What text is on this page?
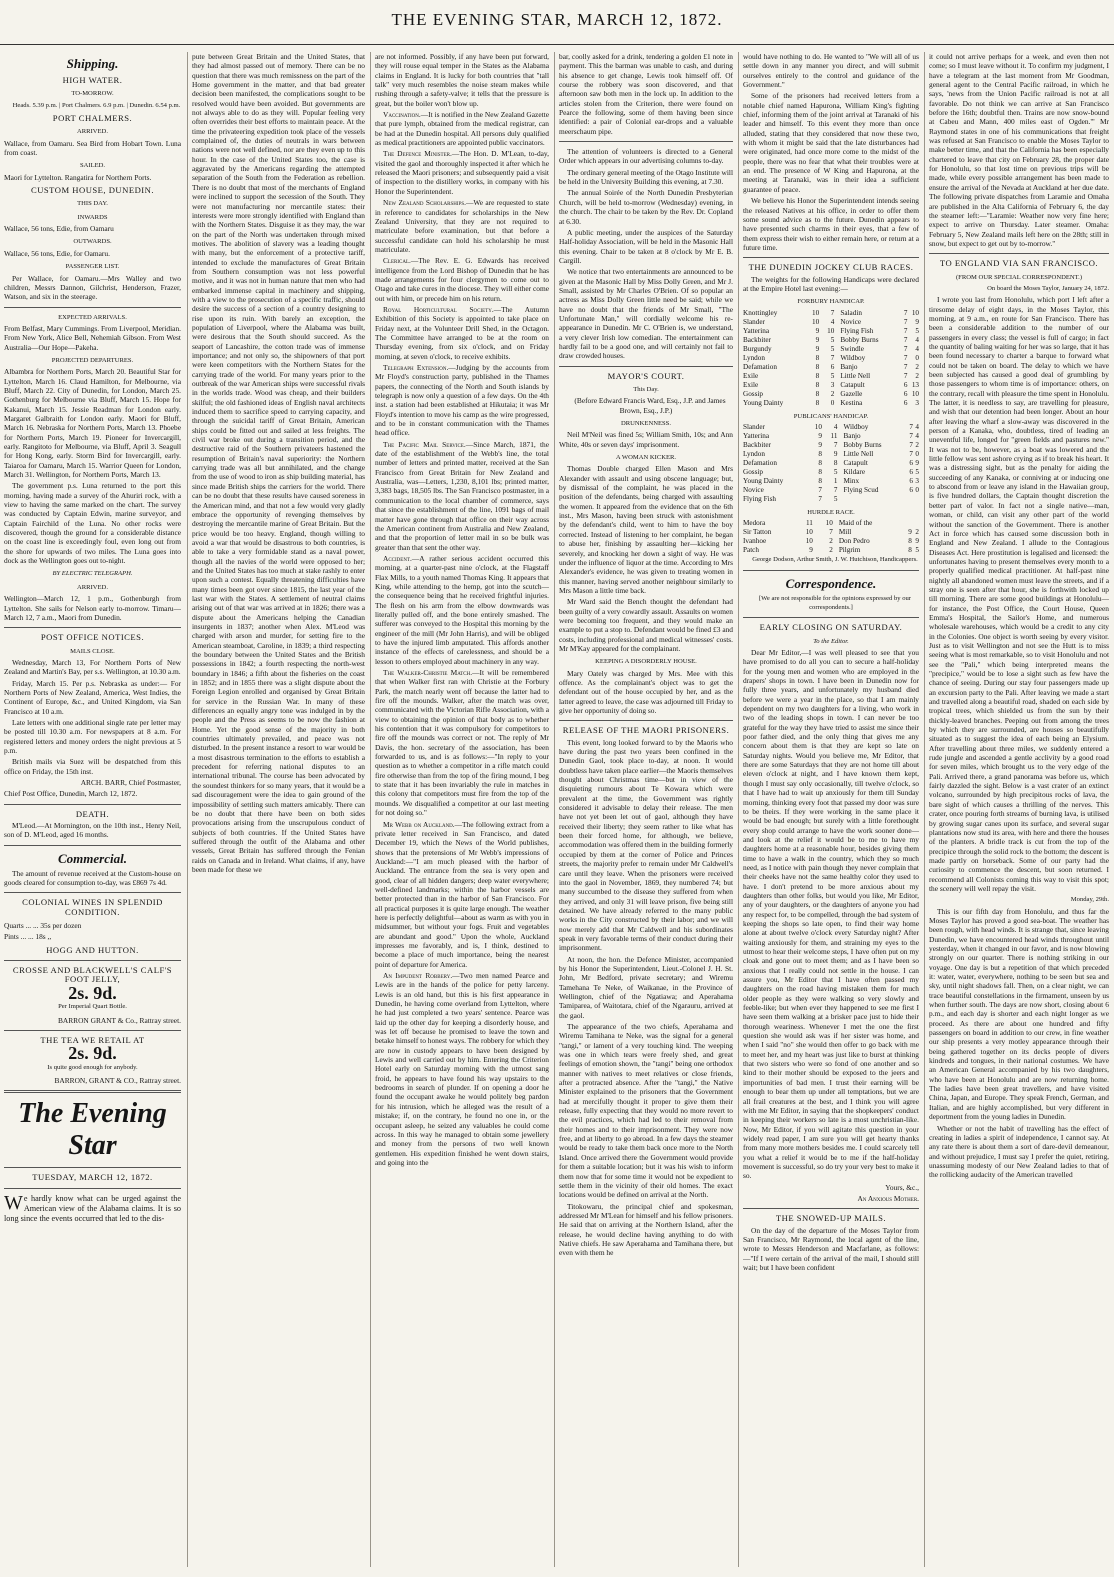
THE EVENING STAR, MARCH 12, 1872.
Shipping.
HIGH WATER.
TO-MORROW.

Heads. 5.39 p.m. | Port Chalmers. 6.9 p.m. | Dunedin. 6.54 p.m.

PORT CHALMERS.
ARRIVED.

Wallace, from Oamaru. Sea Bird from Hobart Town. Luna from coast.

SAILED.

Maori for Lyttelton. Rangatira for Northern Ports.

CUSTOM HOUSE, DUNEDIN.
THIS DAY.
INWARDS

Wallace, 56 tons, Edie, from Oamaru

OUTWARDS.

Wallace, 56 tons, Edie, for Oamaru.

PASSENGER LIST.

Per Wallace, for Oamaru.—Mrs Walley and two children, Messrs Dannon, Gilchrist, Henderson, Frazer, Watson, and six in the steerage.

EXPECTED ARRIVALS.

From Belfast, Mary Cummings. From Liverpool, Meridian. From New York, Alice Bell, Nehemiah Gibson. From West Australia—Our Hope—Pakeha.

PROJECTED DEPARTURES.

Albambra for Northern Ports, March 20. Beautiful Star for Lyttelton, March 16. Claud Hamilton, for Melbourne, via Bluff, March 22. City of Dunedin, for London, March 25. Gothenburg for Melbourne via Bluff, March 15. Hope for Kakanui, March 15. Jessie Readman for London early. Margaret Galbraith for London early. Maori for Bluff, March 16. Nebraska for Northern Ports, March 13. Phoebe for Northern Ports, March 19. Pioneer for Invercargill, early. Rangitoto for Melbourne, via Bluff, April 3. Seagull for Hong Kong, early. Storm Bird for Invercargill, early. Taiaroa for Oamaru, March 15. Warrior Queen for London, March 31. Wellington, for Northern Ports, March 13.

The government p.s. Luna returned to the port this morning, having made a survey of the Ahuriri rock, with a view to having the same marked on the chart. The survey was conducted by Captain Edwin, marine surveyor, and Captain Fairchild of the Luna. No other rocks were discovered, though the ground for a considerable distance on the coast line is exceedingly foul, even long out from the shore for upwards of two miles. The Luna goes into dock as the Wellington goes out to-night.

BY ELECTRIC TELEGRAPH.
ARRIVED.

Wellington—March 12, 1 p.m., Gothenburgh from Lyttelton. She sails for Nelson early to-morrow. Timaru—March 12, 7 a.m., Maori from Dunedin.

POST OFFICE NOTICES.
MAILS CLOSE.

Wednesday, March 13, For Northern Ports of New Zealand and Martin's Bay, per s.s. Wellington, at 10.30 a.m.

Friday, March 15. Per p.s. Nebraska as under:— For Northern Ports of New Zealand, America, West Indies, the Continent of Europe, &c., and United Kingdom, via San Francisco at 10 a.m.

Late letters with one additional single rate per letter may be posted till 10.30 a.m. For newspapers at 8 a.m. For registered letters and money orders the night previous at 5 p.m.

British mails via Suez will be despatched from this office on Friday, the 15th inst.

ARCH. BARR, Chief Postmaster,

Chief Post Office, Dunedin, March 12, 1872.

DEATH.

M'Leod.—At Mornington, on the 10th inst., Henry Neil, son of D. M'Leod, aged 16 months.

Commercial.

The amount of revenue received at the Custom-house on goods cleared for consumption to-day, was £869 7s 4d.

COLONIAL WINES IN SPLENDID CONDITION.

Quarts ... ... 35s per dozen

Pints ... ... 18s ,,

HOGG AND HUTTON.
CROSSE AND BLACKWELL'S CALF'S FOOT JELLY,
2s. 9d.
Per Imperial Quart Bottle.

BARRON GRANT & Co., Rattray street.

THE TEA WE RETAIL AT
2s. 9d.
Is quite good enough for anybody.

BARRON, GRANT & CO., Rattray street.

The Evening Star
TUESDAY, MARCH 12, 1872.

We hardly know what can be urged against the American view of the Alabama claims. It is so long since the events occurred that led to the dis-

pute between Great Britain and the United States, that they had almost passed out of memory. There can be no question that there was much remissness on the part of the Home government in the matter, and that bad greater decision been manifested, the complications sought to be resolved would have been avoided. But governments are not always able to do as they will. Popular feeling very often overrides their best efforts to maintain peace. At the time the privateering expedition took place of the vessels complained of, the duties of neutrals in wars between nations were not well defined, nor are they even up to this hour. In the case of the United States too, the case is aggravated by the Americans regarding the attempted separation of the South from the Federation as rebellion. There is no doubt that most of the merchants of England were inclined to support the secession of the South. They were not manufacturing nor mercantile states: their interests were more strongly identified with England than with the Northern States. Disguise it as they may, the war on the part of the North was undertaken through mixed motives. The abolition of slavery was a leading thought with many, but the enforcement of a protective tariff, intended to exclude the manufactures of Great Britain from Southern consumption was not less powerful motive, and it was not in human nature that men who had embarked immense capital in machinery and shipping, with a view to the prosecution of a specific traffic, should desire the success of a section of a country designing to rise upon its ruin. With barely an exception, the population of Liverpool, where the Alabama was built, were desirous that the South should succeed. As the seaport of Lancashire, the cotton trade was of immense importance; and not only so, the shipowners of that port were keen competitors with the Northern States for the carrying trade of the world. For many years prior to the outbreak of the war American ships were successful rivals in the worlds trade. Wood was cheap, and their builders skilful; the old fashioned ideas of English naval architects induced them to sacrifice speed to carrying capacity, and through the suicidal tariff of Great Britain, American ships could be fitted out and sailed at less freights. The civil war broke out during a transition period, and the destructive raid of the Southern privateers hastened the resumption of Britain's naval superiority: the Northern carrying trade was all but annihilated, and the change from the use of wood to iron as ship building material, has since made British ships the carriers for the world. There can be no doubt that these results have caused soreness in the American mind, and that not a few would very gladly embrace the opportunity of revenging themselves by destroying the mercantile marine of Great Britain. But the price would be too heavy. England, though willing to avoid a war that would be disastrous to both countries, is able to take a very formidable stand as a naval power, though all the navies of the world were opposed to her; and the United States has too much at stake rashly to enter upon such a contest. Equally threatening difficulties have many times been got over since 1815, the last year of the last war with the States. A settlement of neutral claims arising out of that war was arrived at in 1826; there was a dispute about the Americans helping the Canadian insurgents in 1837; another when Alex. M'Leod was charged with arson and murder, for setting fire to the American steamboat, Caroline, in 1839; a third respecting the boundary between the United States and the British possessions in 1842; a fourth respecting the north-west boundary in 1846; a fifth about the fisheries on the coast in 1852; and in 1855 there was a slight dispute about the Foreign Legion enrolled and organised by Great Britain for service in the Russian War. In many of these differences an equally angry tone was indulged in by the people and the Press as seems to be now the fashion at Home. Yet the good sense of the majority in both countries ultimately prevailed, and peace was not disturbed. In the present instance a resort to war would be a most disastrous termination to the efforts to establish a precedent for referring national disputes to an international tribunal. The course has been advocated by the soundest thinkers for so many years, that it would be a sad discouragement were the idea to gain ground of the impossibility of settling such matters amicably. There can be no doubt that there have been on both sides provocations arising from the unscrupulous conduct of subjects of both countries. If the United States have suffered through the outfit of the Alabama and other vessels, Great Britain has suffered through the Fenian raids on Canada and in Ireland. What claims, if any, have been made for these we

are not informed. Possibly, if any have been put forward, they will rouse equal temper in the States as the Alabama claims in England. It is lucky for both countries that "tall talk" very much resembles the noise steam makes while rushing through a safety-valve; it tells that the pressure is great, but the boiler won't blow up.

Vaccination.—It is notified in the New Zealand Gazette that pure lymph, obtained from the medical registrar, can be had at the Dunedin hospital. All persons duly qualified as medical practitioners are appointed public vaccinators.

The Defence Minister.—The Hon. D. M'Lean, to-day, visited the gaol and thoroughly inspected it after which he released the Maori prisoners; and subsequently paid a visit of inspection to the distillery works, in company with his Honor the Superintendent.

New Zealand Scholarships.—We are requested to state in reference to candidates for scholarships in the New Zealand University, that they are not required to matriculate before examination, but that before a successful candidate can hold his scholarship he must matriculate.

Clerical.—The Rev. E. G. Edwards has received intelligence from the Lord Bishop of Dunedin that he has made arrangements for four clergymen to come out to Otago and take cures in the diocese. They will either come out with him, or precede him on his return.

Royal Horticultural Society.—The Autumn Exhibition of this Society is appointed to take place on Friday next, at the Volunteer Drill Shed, in the Octagon. The Committee have arranged to be at the room on Thursday evening, from six o'clock, and on Friday morning, at seven o'clock, to receive exhibits.

Telegraph Extension.—Judging by the accounts from Mr Floyd's construction party, published in the Thames papers, the connecting of the North and South islands by telegraph is now only a question of a few days. On the 4th inst. a station had been established at Hikutaia; it was Mr Floyd's intention to move his camp as the wire progressed, and to be in constant communication with the Thames head office.

The Pacific Mail Service.—Since March, 1871, the date of the establishment of the Webb's line, the total number of letters and printed matter, received at the San Francisco from Great Britain for New Zealand and Australia, was—Letters, 1,230, 8,101 lbs; printed matter, 3,383 bags, 18,505 lbs. The San Francisco postmaster, in a communication to the local chamber of commerce, says that since the establishment of the line, 1091 bags of mail matter have gone through that office on their way across the American continent from Australia and New Zealand, and that the proportion of letter mail in so be bulk was greater than that sent the other way.

Accident.—A rather serious accident occurred this morning, at a quarter-past nine o'clock, at the Flagstaff Flax Mills, to a youth named Thomas King. It appears that King, while attending to the hemp, got into the scutch—the consequence being that he received frightful injuries. The flesh on his arm from the elbow downwards was literally pulled off, and the bone entirely smashed. The sufferer was conveyed to the Hospital this morning by the engineer of the mill (Mr John Harris), and will be obliged to have the injured limb amputated. This affords another instance of the effects of carelessness, and should be a lesson to others employed about machinery in any way.

The Walker-Christie Match.—It will be remembered that when Walker first ran with Christie at the Forbury Park, the match nearly went off because the latter had to fire off the mounds. Walker, after the match was over, communicated with the Victorian Rifle Association, with a view to obtaining the opinion of that body as to whether his contention that it was compulsory for competitors to fire off the mounds was correct or not. The reply of Mr Davis, the hon. secretary of the association, has been forwarded to us, and is as follows:—"In reply to your question as to whether a competitor in a rifle match could fire otherwise than from the top of the firing mound, I beg to state that it has been invariably the rule in matches in this colony that competitors must fire from the top of the mounds. We disqualified a competitor at our last meeting for not doing so."

Mr Webb on Auckland.—The following extract from a private letter received in San Francisco, and dated December 19, which the News of the World publishes, shows that the pretensions of Mr Webb's impressions of Auckland:—"I am much pleased with the harbor of Auckland. The entrance from the sea is very open and good, clear of all hidden dangers; deep water everywhere; well-defined landmarks; within the harbor vessels are better protected than in the harbor of San Francisco. For all practical purposes it is quite large enough. The weather here is perfectly delightful—about as warm as with you in midsummer, but without your fogs. Fruit and vegetables are abundant and good." Upon the whole, Auckland impresses me favorably, and is, I think, destined to become a place of much importance, being the nearest point of departure for America.

An Impudent Robbery.—Two men named Pearce and Lewis are in the hands of the police for petty larceny. Lewis is an old hand, but this is his first appearance in Dunedin, he having come overland from Lyttelton, where he had just completed a two years' sentence. Pearce was laid up the other day for keeping a disorderly house, and was let off because he promised to leave the town and betake himself to honest ways. The robbery for which they are now in custody appears to have been designed by Lewis and well carried out by him. Entering the Criterion Hotel early on Saturday morning with the utmost sang froid, he appears to have found his way upstairs to the bedrooms in search of plunder. If on opening a door he found the occupant awake he would politely beg pardon for his intrusion, which he alleged was the result of a mistake; if, on the contrary, he found no one in, or the occupant asleep, he seized any valuables he could come across. In this way he managed to obtain some jewellery and money from the persons of two well known gentlemen. His expedition finished he went down stairs, and going into the

bar, coolly asked for a drink, tendering a golden £1 note in payment. This the barman was unable to cash, and during his absence to get change, Lewis took himself off. Of course the robbery was soon discovered, and that afternoon saw both men in the lock up. In addition to the articles stolen from the Criterion, there were found on Pearce the following, some of them having been since identified: a pair of Colonial ear-drops and a valuable meerschaum pipe.

The attention of volunteers is directed to a General Order which appears in our advertising columns to-day.

The ordinary general meeting of the Otago Institute will be held in the University Building this evening, at 7.30.

The annual Soirée of the North Dunedin Presbyterian Church, will be held to-morrow (Wednesday) evening, in the church. The chair to be taken by the Rev. Dr. Copland at 6.30.

A public meeting, under the auspices of the Saturday Half-holiday Association, will be held in the Masonic Hall this evening. Chair to be taken at 8 o'clock by Mr E. B. Cargill.

We notice that two entertainments are announced to be given at the Masonic Hall by Miss Dolly Green, and Mr J. Small, assisted by Mr Charles O'Brien. Of so popular an actress as Miss Dolly Green little need be said; while we have no doubt that the friends of Mr Small, "The Unfortunate Man," will cordially welcome his re-appearance in Dunedin. Mr C. O'Brien is, we understand, a very clever Irish low comedian. The entertainment can hardly fail to be a good one, and will certainly not fail to draw crowded houses.

MAYOR'S COURT.
This Day.

(Before Edward Francis Ward, Esq., J.P. and James Brown, Esq., J.P.)

DRUNKENNESS.

Neil M'Neil was fined 5s; William Smith, 10s; and Ann White, 40s or seven days' imprisonment.

A WOMAN KICKER.

Thomas Double charged Ellen Mason and Mrs Alexander with assault and using obscene language; but, by dismissal of the complaint, he was placed in the position of the defendants, being charged with assaulting the women. It appeared from the evidence that on the 6th inst., Mrs Mason, having been struck with astonishment by the defendant's child, went to him to have the boy corrected. Instead of listening to her complaint, he began to abuse her, finishing by assaulting her—kicking her severely, and knocking her down a sight of way. He was under the influence of liquor at the time. According to Mrs Alexander's evidence, he was given to treating women in this manner, having served another neighbour similarly to Mrs Mason a little time back.

Mr Ward said the Bench thought the defendant had been guilty of a very cowardly assault. Assaults on women were becoming too frequent, and they would make an example to put a stop to. Defendant would be fined £3 and costs, including professional and medical witnesses' costs. Mr M'Kay appeared for the complainant.

KEEPING A DISORDERLY HOUSE.

Mary Oately was charged by Mrs. Mee with this offence. As the complainant's object was to get the defendant out of the house occupied by her, and as the latter agreed to leave, the case was adjourned till Friday to give her opportunity of doing so.

RELEASE OF THE MAORI PRISONERS.

This event, long looked forward to by the Maoris who have during the past two years been confined in the Dunedin Gaol, took place to-day, at noon. It would doubtless have taken place earlier—the Maoris themselves thought about Christmas time—but in view of the disquieting rumours about Te Kowara which were prevalent at the time, the Government was rightly considered it advisable to delay their release. The men have not yet been let out of gaol, although they have received their liberty; they seem rather to like what has been their forced home, for although, we believe, accommodation was offered them in the building formerly occupied by them at the corner of Police and Princes streets, the majority prefer to remain under Mr Caldwell's care until they leave. When the prisoners were received into the gaol in November, 1869, they numbered 74; but many succumbed to the disease they suffered from when they arrived, and only 31 will leave prison, five being still detained. We have already referred to the many public works in the City constructed by their labor; and we will now merely add that Mr Caldwell and his subordinates speak in very favorable terms of their conduct during their imprisonment.

At noon, the hon. the Defence Minister, accompanied by his Honor the Superintendent, Lieut.-Colonel J. H. St. John, Mr Bedford, private secretary; and Wiremu Tamehana Te Neke, of Waikanae, in the Province of Wellington, chief of the Ngatiawa; and Aperahama Tamiparea, of Waitotara, chief of the Ngarauru, arrived at the gaol.

The appearance of the two chiefs, Aperahama and Wiremu Tamihana te Neke, was the signal for a general "tangi," or lament of a very touching kind. The weeping was one in which tears were freely shed, and great feelings of emotion shown, the "tangi" being one orthodox manner with natives to meet relatives or close friends, after a protracted absence. After the "tangi," the Native Minister explained to the prisoners that the Government had at mercifully thought it proper to give them their release, fully expecting that they would no more revert to the evil practices, which had led to their removal from their homes and to their imprisonment. They were now free, and at liberty to go abroad. In a few days the steamer would be ready to take them back once more to the North Island. Once arrived there the Government would provide for them a suitable location; but it was his wish to inform them now that for some time it would not be expedient to settle them in the vicinity of their old homes. The exact locations would be defined on arrival at the North.

Titokowaru, the principal chief and spokesman, addressed Mr M'Lean for himself and his fellow prisoners. He said that on arriving at the Northern Island, after the release, he would decline having anything to do with Native chiefs. He saw Aperahama and Tamihana there, but even with them he

would have nothing to do. He wanted to "We will all of us settle down in any manner you direct, and will submit ourselves entirely to the control and guidance of the Government."

Some of the prisoners had received letters from a notable chief named Hapurona, William King's fighting chief, informing them of the joint arrival at Taranaki of his leader and himself. To this event they more than once alluded, stating that they considered that now these two, with whom it might be said that the late disturbances had were originated, had once more come to the midst of the people, there was no fear that what their troubles were at an end. The presence of W King and Hapurona, at the meeting at Taranaki, was in their idea a sufficient guarantee of peace.

We believe his Honor the Superintendent intends seeing the released Natives at his office, in order to offer them some sound advice as to the future. Dunedin appears to have presented such charms in their eyes, that a few of them express their wish to either remain here, or return at a future time.

THE DUNEDIN JOCKEY CLUB RACES.

The weights for the following Handicaps were declared at the Empire Hotel last evening:—

FORBURY HANDICAP.
Knottingley	10	7	Saladin	7	10
Slander	10	4	Novice	7	9
Yatterina	9	10	Flying Fish	7	5
Backbiter	9	5	Bobby Burns	7	4
Burgundy	9	5	Swindle	7	4
Lyndon	8	7	Wildboy	7	0
Defamation	8	6	Banjo	7	2
Exile	8	5	Little Nell	7	2
Exile	8	3	Catapult	6	13
Gossip	8	2	Gazelle	6	10
Young Dainty	8	0	Kestina	6	3
PUBLICANS' HANDICAP.
Slander	10	4	Wildboy	7	4
Yatterina	9	11	Banjo	7	4
Backbiter	9	7	Bobby Burns	7	2
Lyndon	8	9	Little Nell	7	0
Defamation	8	8	Catapult	6	9
Gossip	8	5	Kildare	6	5
Young Dainty	8	1	Minx	6	3
Novice	7	7	Flying Scud	6	0
Flying Fish	7	5			
HURDLE RACE.
Medora	11	10	Maid of the		
Sir Tatton	10	7	Mill	9	2
Ivanhoe	10	2	Don Pedro	8	9
Patch	9	2	Pilgrim	8	5

George Dodson, Arthur Smith, J. W. Hutchison, Handicappers.

Correspondence.

[We are not responsible for the opinions expressed by our correspondents.]

EARLY CLOSING ON SATURDAY.
To the Editor.

Dear Mr Editor,—I was well pleased to see that you have promised to do all you can to secure a half-holiday for the young men and women who are employed in the drapers' shops in town. I have been in Dunedin now for fully three years, and unfortunately my husband died before we were a year in the place, so that I am mainly dependent on my two daughters for a living, who work in two of the leading shops in town. I can never be too grateful for the way they have tried to assist me since their poor father died, and the only thing that gives me any concern about them is that they are kept so late on Saturday nights. Would you believe me, Mr Editor, that there are some Saturdays that they are not home till about eleven o'clock at night, and I have known them kept, though I must say only occasionally, till twelve o'clock, so that I have had to wait up anxiously for them till Sunday morning, thinking every foot that passed my door was sure to be theirs. If they were working in the same place it would be bad enough; but surely with a little forethought every shop could arrange to have the work sooner done—and look at the relief it would be to me to have my daughters home at a reasonable hour, besides giving them time to have a walk in the country, which they so much need, as I notice with pain though they never complain that their cheeks have not the same healthy color they used to have. I don't pretend to be more anxious about my daughters than other folks, but would you like, Mr Editor, any of your daughters, or the daughters of anyone you had any respect for, to be compelled, through the bad system of keeping the shops so late open, to find their way home alone at about twelve o'clock every Saturday night? After waiting anxiously for them, and straining my eyes to the utmost to hear their welcome steps, I have often put on my cloak and gone out to meet them; and as I have been so anxious that I really could not settle in the house. I can assure you, Mr Editor that I have often passed my daughters on the road having mistaken them for much older people as they were walking so very slowly and feeble-like; but when ever they happened to see me first I have seen them walking at a brisker pace just to hide their thorough weariness. Whenever I met the one the first question she would ask was if her sister was home, and when I said "no" she would then offer to go back with me to meet her, and my heart was just like to burst at thinking that two sisters who were so fond of one another and so kind to their mother should be exposed to the jeers and importunities of bad men. I trust their earning will be enough to bear them up under all temptations, but we are all frail creatures at the best, and I think you will agree with me Mr Editor, in saying that the shopkeepers' conduct in keeping their workers so late is a most unchristian-like. Now, Mr Editor, if you will agitate this question in your widely read paper, I am sure you will get hearty thanks from many more mothers besides me. I could scarcely tell you what a relief it would be to me if the half-holiday movement is successful, so do try your very best to make it so.

Yours, &c.,

An Anxious Mother.

THE SNOWED-UP MAILS.

On the day of the departure of the Moses Taylor from San Francisco, Mr Raymond, the local agent of the line, wrote to Messrs Henderson and Macfarlane, as follows:—"If I were certain of the arrival of the mail, I should still wait; but I have been confident

it could not arrive perhaps for a week, and even then not come; so I must leave without it. To confirm my judgment, I have a telegram at the last moment from Mr Goodman, general agent to the Central Pacific railroad, in which he says, 'news from the Union Pacific railroad is not at all favorable. Do not think we can arrive at San Francisco before the 16th; doubtful then. Trains are now snow-bound at Cabeu and Mann, 400 miles east of Ogden.'" Mr Raymond states in one of his communications that freight was refused at San Francisco to enable the Moses Taylor to make better time, and that the California has been especially chartered to leave that city on February 28, the proper date for Honolulu, so that lost time on previous trips will be made, while every possible arrangement has been made to ensure the arrival of the Nevada at Auckland at her due date. The following private dispatches from Laramie and Omaha are published in the Alta California of February 6, the day the steamer left:—"Laramie: Weather now very fine here; expect to arrive on Thursday. Later steamer. Omaha: February 5, New Zealand mails left here on the 28th; still in snow, but expect to get out by to-morrow."

TO ENGLAND VIA SAN FRANCISCO.
(FROM OUR SPECIAL CORRESPONDENT.)

On board the Moses Taylor, January 24, 1872.

I wrote you last from Honolulu, which port I left after a tiresome delay of eight days, in the Moses Taylor, this morning, at 9 a.m., en route for San Francisco. There has been a considerable addition to the number of our passengers in every class; the vessel is full of cargo; in fact the quantity of baling waiting for her was so large, that it has been found necessary to charter a barque to forward what could not be taken on board. The delay to which we have been subjected has caused a good deal of grumbling by those passengers to whom time is of importance: others, on the contrary, recall with pleasure the time spent in Honolulu. The latter, it is needless to say, are travelling for pleasure, and wish that our detention had been longer. About an hour after leaving the wharf a slow-away was discovered in the person of a Kanaka, who, doubtless, tired of leading an uneventful life, longed for "green fields and pastures new." It was not to be, however, as a boat was lowered and the little fellow was sent ashore crying as if to break his heart. It was a distressing sight, but as the penalty for aiding the succeeding of any Kanaka, or conniving at or inducing one to abscond from or leave any island in the Hawaiian group, is five hundred dollars, the Captain thought discretion the better part of valor. In fact not a single native—man, woman, or child, can visit any other part of the world without the sanction of the Government. There is another Act in force which has caused some discussion both in England and New Zealand. I allude to the Contagious Diseases Act. Here prostitution is legalised and licensed: the unfortunates having to present themselves every month to a properly qualified medical practitioner. At half-past nine nightly all abandoned women must leave the streets, and if a stray one is seen after that hour, she is forthwith locked up till morning. There are some good buildings at Honolulu—for instance, the Post Office, the Court House, Queen Emma's Hospital, the Sailor's Home, and numerous wholesale warehouses, which would be a credit to any city in the Colonies. One object is worth seeing by every visitor. Just as to visit Wellington and not see the Hutt is to miss seeing what is most remarkable, so to visit Honolulu and not see the "Pali," which being interpreted means the "precipice," would be to lose a sight such as few have the chance of seeing. During our stay four passengers made up an excursion party to the Pali. After leaving we made a start and travelled along a beautiful road, shaded on each side by tropical trees, which shielded us from the sun by their thickly-leaved branches. Peeping out from among the trees by which they are surrounded, are houses so beautifully situated as to suggest the idea of each being an Elysium. After travelling about three miles, we suddenly entered a rude jungle and ascended a gentle acclivity by a good road for seven miles, which brought us to the very edge of the Pali. Arrived there, a grand panorama was before us, which fairly dazzled the sight. Below is a vast crater of an extinct volcano, surrounded by high precipitous rocks of lava, the bare sight of which causes a thrilling of the nerves. This crater, once pouring forth streams of burning lava, is utilised by growing sugar canes upon its surface, and several sugar plantations now stud its area, with here and there the houses of the planters. A bridle track is cut from the top of the precipice through the solid rock to the bottom; the descent is made partly on horseback. Some of our party had the curiosity to commence the descent, but soon returned. I recommend all Colonists coming this way to visit this spot; the scenery will well repay the visit.

Monday, 29th.

This is our fifth day from Honolulu, and thus far the Moses Taylor has proved a good sea-boat. The weather has been rough, with head winds. It is strange that, since leaving Dunedin, we have encountered head winds throughout until yesterday, when it changed in our favor, and is now blowing strongly on our quarter. There is nothing striking in our voyage. One day is but a repetition of that which preceded it: water, water, everywhere, nothing to be seen but sea and sky, until night shadows fall. Then, on a clear night, we can trace beautiful constellations in the firmament, unseen by us when further south. The days are now short, closing about 6 p.m., and each day is shorter and each night longer as we proceed. As there are about one hundred and fifty passengers on board in addition to our crew, in fine weather our ship presents a very motley appearance through their being gathered together on its decks people of divers kindreds and tongues, in their national costumes. We have an American General accompanied by his two daughters, who have been at Honolulu and are now returning home. The ladies have been great travellers, and have visited China, Japan, and Europe. They speak French, German, and Italian, and are highly accomplished, but very different in deportment from the young ladies in Dunedin.

Whether or not the habit of travelling has the effect of creating in ladies a spirit of independence, I cannot say. At any rate there is about them a sort of dare-devil demeanour, and without prejudice, I must say I prefer the quiet, retiring, unassuming modesty of our New Zealand ladies to that of the rollicking audacity of the American travelled
